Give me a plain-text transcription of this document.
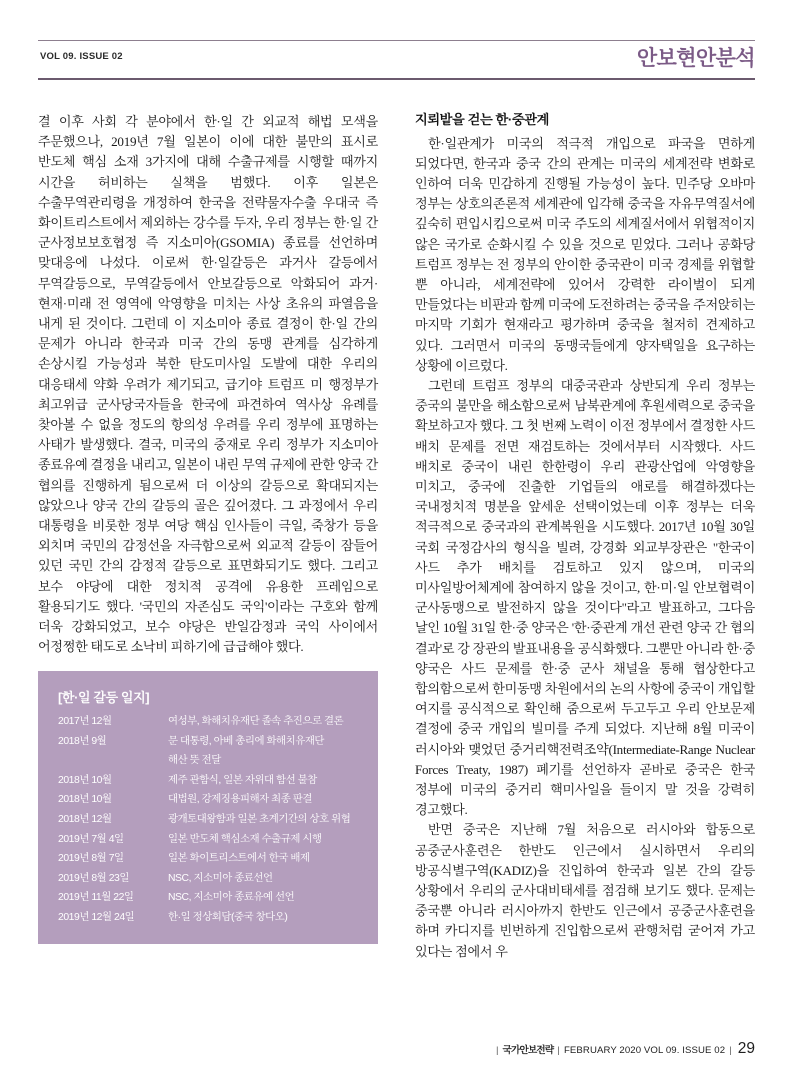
VOL 09. ISSUE 02	안보현안분석

결 이후 사회 각 분야에서 한·일 간 외교적 해법 모색을 주문했으나, 2019년 7월 일본이 이에 대한 불만의 표시로 반도체 핵심 소재 3가지에 대해 수출규제를 시행할 때까지 시간을 허비하는 실책을 범했다. 이후 일본은 수출무역관리령을 개정하여 한국을 전략물자수출 우대국 즉 화이트리스트에서 제외하는 강수를 두자, 우리 정부는 한·일 간 군사정보보호협정 즉 지소미아(GSOMIA) 종료를 선언하며 맞대응에 나섰다. 이로써 한·일갈등은 과거사 갈등에서 무역갈등으로, 무역갈등에서 안보갈등으로 악화되어 과거·현재·미래 전 영역에 악영향을 미치는 사상 초유의 파열음을 내게 된 것이다. 그런데 이 지소미아 종료 결정이 한·일 간의 문제가 아니라 한국과 미국 간의 동맹 관계를 심각하게 손상시킬 가능성과 북한 탄도미사일 도발에 대한 우리의 대응태세 약화 우려가 제기되고, 급기야 트럼프 미 행정부가 최고위급 군사당국자들을 한국에 파견하여 역사상 유례를 찾아볼 수 없을 정도의 항의성 우려를 우리 정부에 표명하는 사태가 발생했다. 결국, 미국의 중재로 우리 정부가 지소미아 종료유예 결정을 내리고, 일본이 내린 무역 규제에 관한 양국 간 협의를 진행하게 됨으로써 더 이상의 갈등으로 확대되지는 않았으나 양국 간의 갈등의 골은 깊어졌다. 그 과정에서 우리 대통령을 비롯한 정부 여당 핵심 인사들이 극일, 죽창가 등을 외치며 국민의 감정선을 자극함으로써 외교적 갈등이 잠들어 있던 국민 간의 감정적 갈등으로 표면화되기도 했다. 그리고 보수 야당에 대한 정치적 공격에 유용한 프레임으로 활용되기도 했다. '국민의 자존심도 국익'이라는 구호와 함께 더욱 강화되었고, 보수 야당은 반일감정과 국익 사이에서 어정쩡한 태도로 소낙비 피하기에 급급해야 했다.

[한·일 갈등 일지]
2017년 12월	여성부, 화해치유재단 졸속 추진으로 결론
2018년 9월	문 대통령, 아베 총리에 화해치유재단
	해산 뜻 전달
2018년 10월	제주 관함식, 일본 자위대 함선 불참
2018년 10월	대법원, 강제징용피해자 최종 판결
2018년 12월	광개토대왕함과 일본 초계기간의 상호 위협
2019년 7월 4일	일본 반도체 핵심소재 수출규제 시행
2019년 8월 7일	일본 화이트리스트에서 한국 배제
2019년 8월 23일	NSC, 지소미아 종료선언
2019년 11월 22일	NSC, 지소미아 종료유예 선언
2019년 12월 24일	한·일 정상회담(중국 창다오)
지뢰밭을 걷는 한·중관계

한·일관계가 미국의 적극적 개입으로 파국을 면하게 되었다면, 한국과 중국 간의 관계는 미국의 세계전략 변화로 인하여 더욱 민감하게 진행될 가능성이 높다. 민주당 오바마 정부는 상호의존론적 세계관에 입각해 중국을 자유무역질서에 깊숙히 편입시킴으로써 미국 주도의 세계질서에서 위협적이지 않은 국가로 순화시킬 수 있을 것으로 믿었다. 그러나 공화당 트럼프 정부는 전 정부의 안이한 중국관이 미국 경제를 위협할 뿐 아니라, 세계전략에 있어서 강력한 라이벌이 되게 만들었다는 비판과 함께 미국에 도전하려는 중국을 주저앉히는 마지막 기회가 현재라고 평가하며 중국을 철저히 견제하고 있다. 그러면서 미국의 동맹국들에게 양자택일을 요구하는 상황에 이르렀다.

그런데 트럼프 정부의 대중국관과 상반되게 우리 정부는 중국의 불만을 해소함으로써 남북관계에 후원세력으로 중국을 확보하고자 했다. 그 첫 번째 노력이 이전 정부에서 결정한 사드 배치 문제를 전면 재검토하는 것에서부터 시작했다. 사드 배치로 중국이 내린 한한령이 우리 관광산업에 악영향을 미치고, 중국에 진출한 기업들의 애로를 해결하겠다는 국내정치적 명분을 앞세운 선택이었는데 이후 정부는 더욱 적극적으로 중국과의 관계복원을 시도했다. 2017년 10월 30일 국회 국정감사의 형식을 빌려, 강경화 외교부장관은 "한국이 사드 추가 배치를 검토하고 있지 않으며, 미국의 미사일방어체계에 참여하지 않을 것이고, 한·미·일 안보협력이 군사동맹으로 발전하지 않을 것이다"라고 발표하고, 그다음 날인 10월 31일 한·중 양국은 '한·중관계 개선 관련 양국 간 협의 결과'로 강 장관의 발표내용을 공식화했다. 그뿐만 아니라 한·중 양국은 사드 문제를 한·중 군사 채널을 통해 협상한다고 합의함으로써 한미동맹 차원에서의 논의 사항에 중국이 개입할 여지를 공식적으로 확인해 줌으로써 두고두고 우리 안보문제 결정에 중국 개입의 빌미를 주게 되었다. 지난해 8월 미국이 러시아와 맺었던 중거리핵전력조약(Intermediate-Range Nuclear Forces Treaty, 1987) 폐기를 선언하자 곧바로 중국은 한국 정부에 미국의 중거리 핵미사일을 들이지 말 것을 강력히 경고했다.

반면 중국은 지난해 7월 처음으로 러시아와 합동으로 공중군사훈련은 한반도 인근에서 실시하면서 우리의 방공식별구역(KADIZ)을 진입하여 한국과 일본 간의 갈등 상황에서 우리의 군사대비태세를 점검해 보기도 했다. 문제는 중국뿐 아니라 러시아까지 한반도 인근에서 공중군사훈련을 하며 카디지를 빈번하게 진입함으로써 관행처럼 굳어져 가고 있다는 점에서 우

| 국가안보전략 | FEBRUARY 2020 VOL 09. ISSUE 02 | 29
